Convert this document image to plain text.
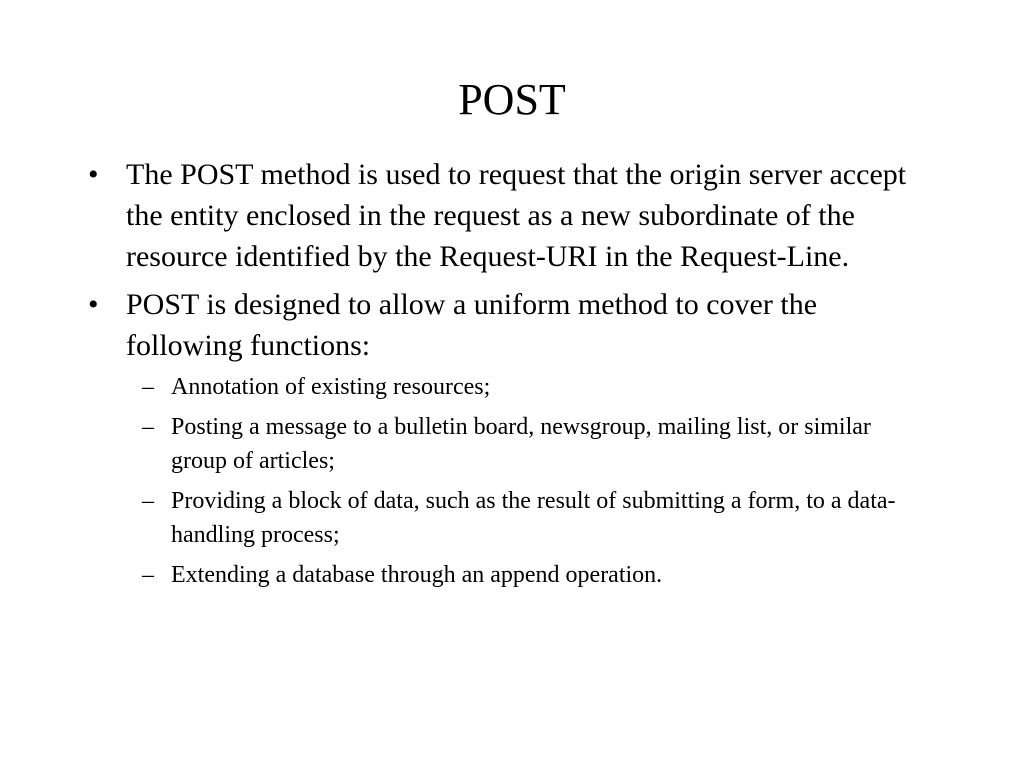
POST
• The POST method is used to request that the origin server accept the entity enclosed in the request as a new subordinate of the resource identified by the Request-URI in the Request-Line.
• POST is designed to allow a uniform method to cover the following functions:
– Annotation of existing resources;
– Posting a message to a bulletin board, newsgroup, mailing list, or similar group of articles;
– Providing a block of data, such as the result of submitting a form, to a data-handling process;
– Extending a database through an append operation.
